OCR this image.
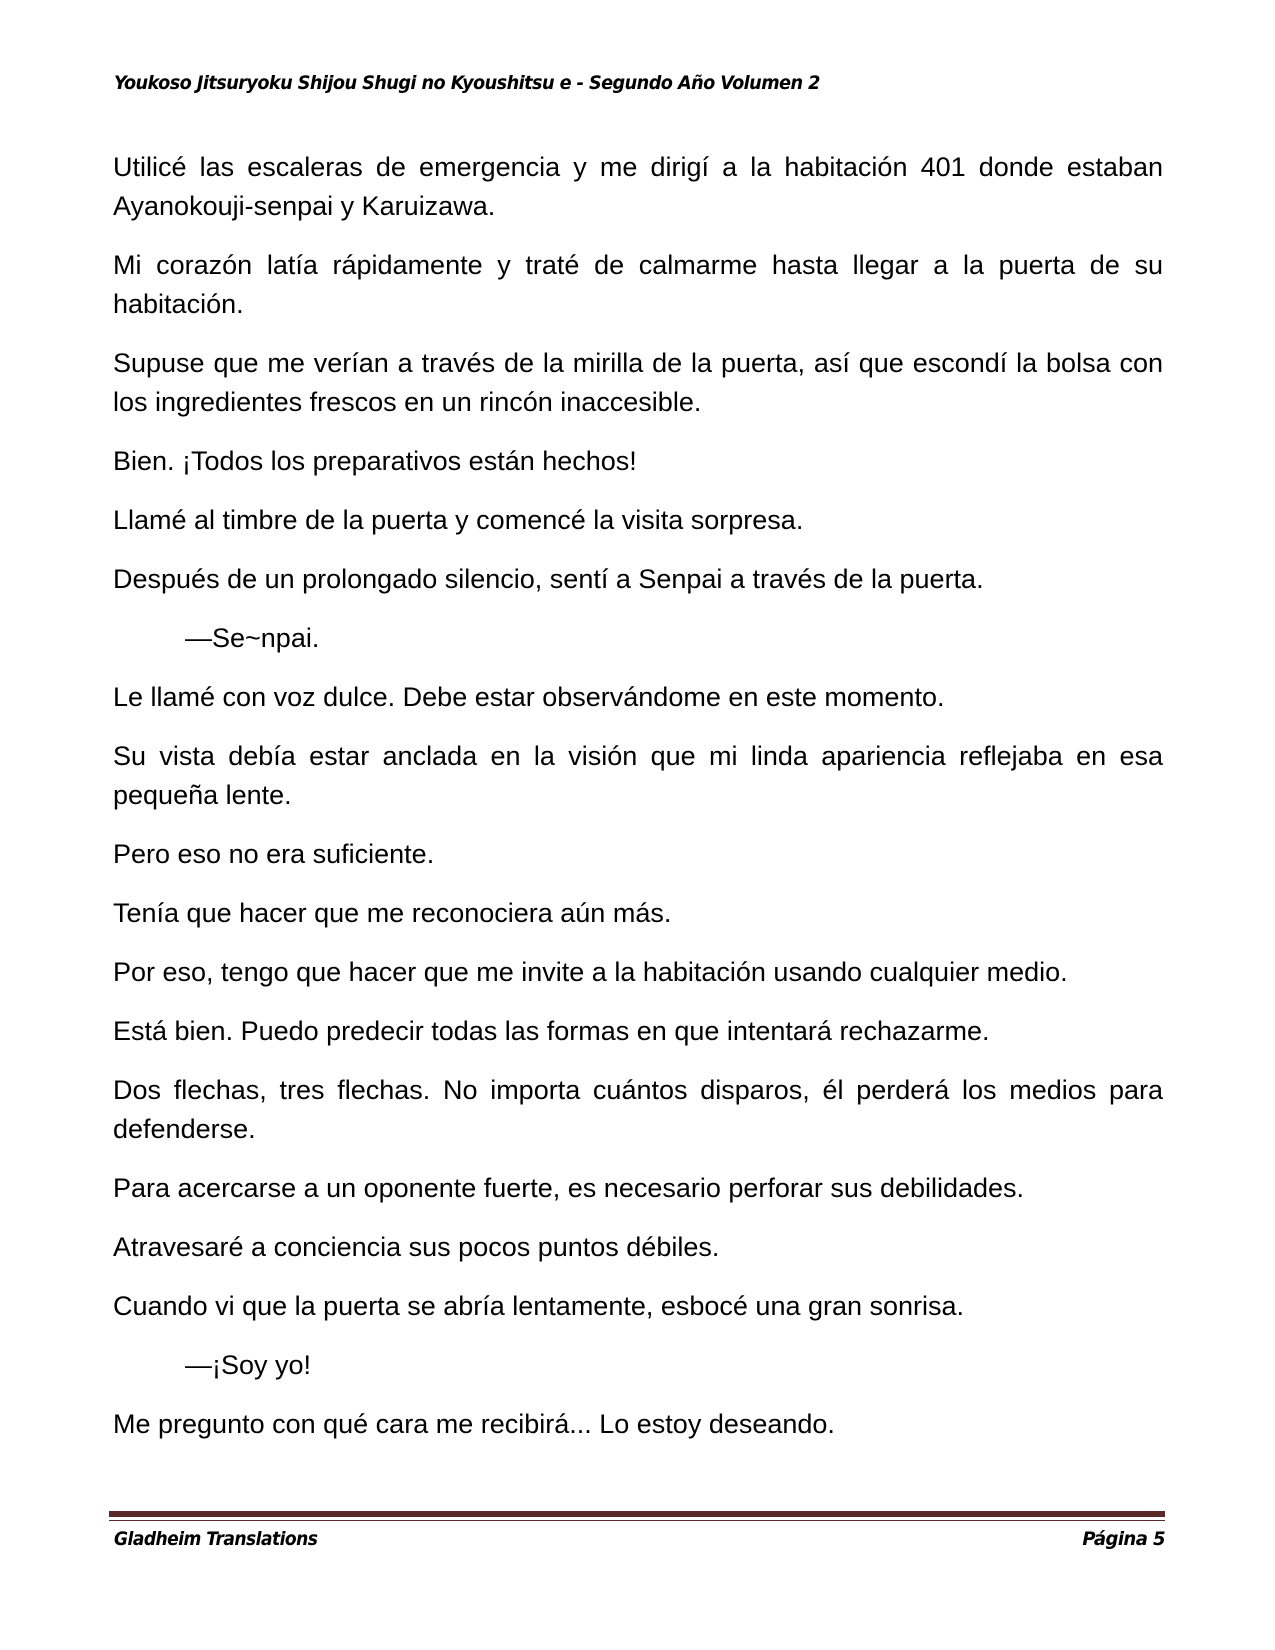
Youkoso Jitsuryoku Shijou Shugi no Kyoushitsu e - Segundo Año Volumen 2

Utilicé las escaleras de emergencia y me dirigí a la habitación 401 donde estaban Ayanokouji-senpai y Karuizawa.

Mi corazón latía rápidamente y traté de calmarme hasta llegar a la puerta de su habitación.

Supuse que me verían a través de la mirilla de la puerta, así que escondí la bolsa con los ingredientes frescos en un rincón inaccesible.

Bien. ¡Todos los preparativos están hechos!

Llamé al timbre de la puerta y comencé la visita sorpresa.

Después de un prolongado silencio, sentí a Senpai a través de la puerta.

—Se~npai.

Le llamé con voz dulce. Debe estar observándome en este momento.

Su vista debía estar anclada en la visión que mi linda apariencia reflejaba en esa pequeña lente.

Pero eso no era suficiente.

Tenía que hacer que me reconociera aún más.

Por eso, tengo que hacer que me invite a la habitación usando cualquier medio.

Está bien. Puedo predecir todas las formas en que intentará rechazarme.

Dos flechas, tres flechas. No importa cuántos disparos, él perderá los medios para defenderse.

Para acercarse a un oponente fuerte, es necesario perforar sus debilidades.

Atravesaré a conciencia sus pocos puntos débiles.

Cuando vi que la puerta se abría lentamente, esbocé una gran sonrisa.

—¡Soy yo!

Me pregunto con qué cara me recibirá... Lo estoy deseando.

Gladheim Translations	Página 5
